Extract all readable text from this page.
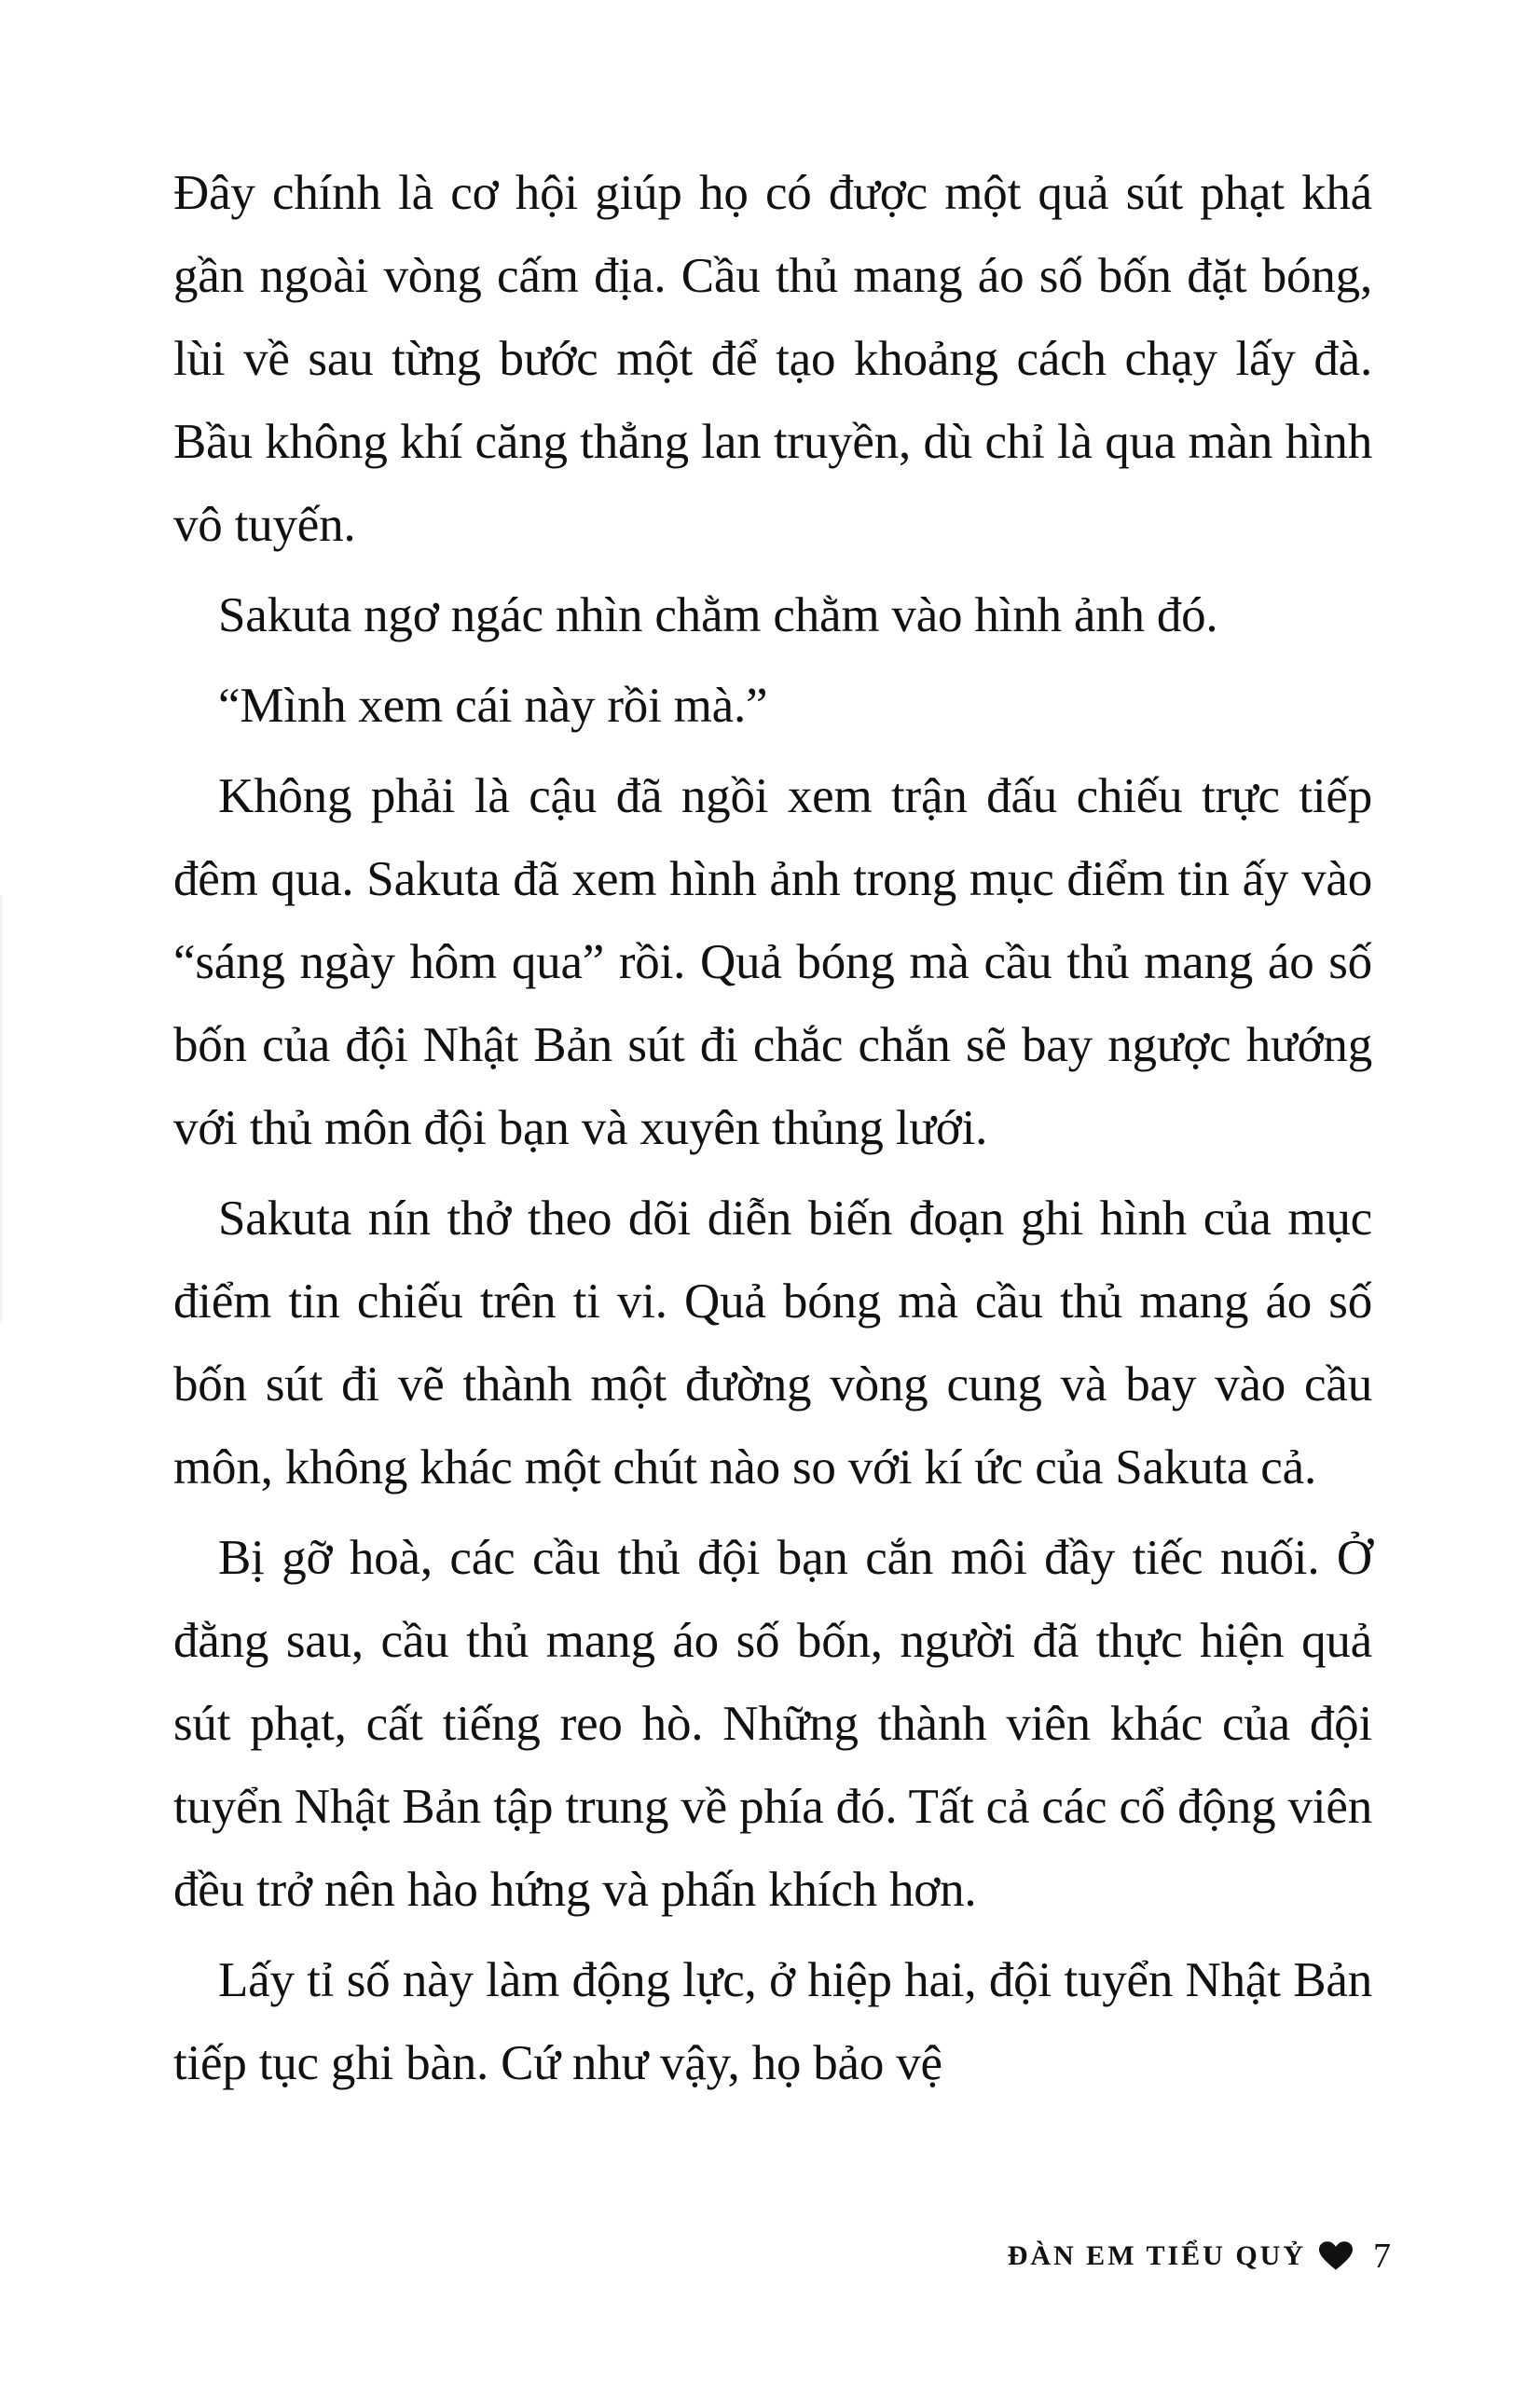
Đây chính là cơ hội giúp họ có được một quả sút phạt khá gần ngoài vòng cấm địa. Cầu thủ mang áo số bốn đặt bóng, lùi về sau từng bước một để tạo khoảng cách chạy lấy đà. Bầu không khí căng thẳng lan truyền, dù chỉ là qua màn hình vô tuyến.

Sakuta ngơ ngác nhìn chằm chằm vào hình ảnh đó.

“Mình xem cái này rồi mà.”

Không phải là cậu đã ngồi xem trận đấu chiếu trực tiếp đêm qua. Sakuta đã xem hình ảnh trong mục điểm tin ấy vào “sáng ngày hôm qua” rồi. Quả bóng mà cầu thủ mang áo số bốn của đội Nhật Bản sút đi chắc chắn sẽ bay ngược hướng với thủ môn đội bạn và xuyên thủng lưới.

Sakuta nín thở theo dõi diễn biến đoạn ghi hình của mục điểm tin chiếu trên ti vi. Quả bóng mà cầu thủ mang áo số bốn sút đi vẽ thành một đường vòng cung và bay vào cầu môn, không khác một chút nào so với kí ức của Sakuta cả.

Bị gỡ hoà, các cầu thủ đội bạn cắn môi đầy tiếc nuối. Ở đằng sau, cầu thủ mang áo số bốn, người đã thực hiện quả sút phạt, cất tiếng reo hò. Những thành viên khác của đội tuyển Nhật Bản tập trung về phía đó. Tất cả các cổ động viên đều trở nên hào hứng và phấn khích hơn.

Lấy tỉ số này làm động lực, ở hiệp hai, đội tuyển Nhật Bản tiếp tục ghi bàn. Cứ như vậy, họ bảo vệ

ĐÀN EM TIỂU QUỶ 7
